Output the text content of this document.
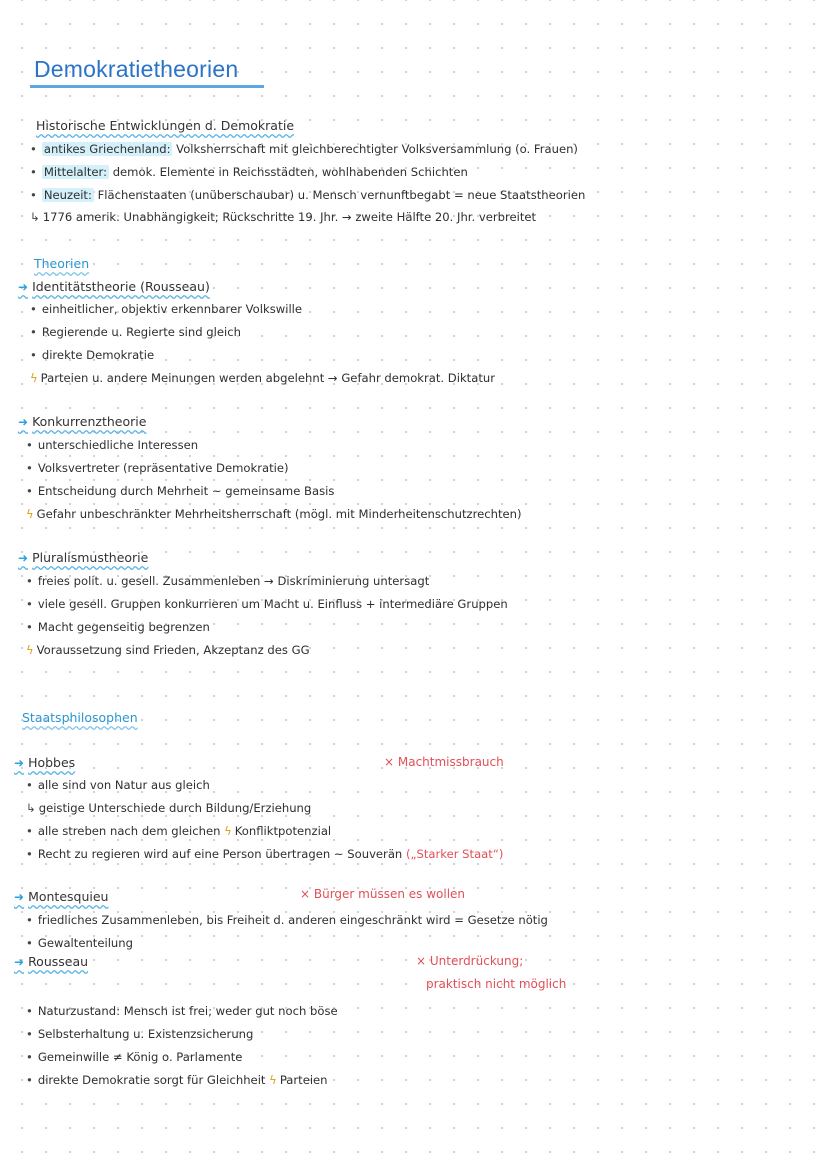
Demokratietheorien
Historische Entwicklungen d. Demokratie
• antikes Griechenland: Volksherrschaft mit gleichberechtigter Volksversammlung (o. Frauen)
• Mittelalter: demok. Elemente in Reichsstädten, wohlhabenden Schichten
• Neuzeit: Flächenstaaten (unüberschaubar) u. Mensch vernunftbegabt = neue Staatstheorien
↳ 1776 amerik. Unabhängigkeit; Rückschritte 19. Jhr. → zweite Hälfte 20. Jhr. verbreitet
Theorien
➜ Identitätstheorie (Rousseau)
• einheitlicher, objektiv erkennbarer Volkswille
• Regierende u. Regierte sind gleich
• direkte Demokratie
ϟ Parteien u. andere Meinungen werden abgelehnt → Gefahr demokrat. Diktatur
➜ Konkurrenztheorie
• unterschiedliche Interessen
• Volksvertreter (repräsentative Demokratie)
• Entscheidung durch Mehrheit ~ gemeinsame Basis
ϟ Gefahr unbeschränkter Mehrheitsherrschaft (mögl. mit Minderheitenschutzrechten)
➜ Pluralismustheorie
• freies polit. u. gesell. Zusammenleben → Diskriminierung untersagt
• viele gesell. Gruppen konkurrieren um Macht u. Einfluss + intermediäre Gruppen
• Macht gegenseitig begrenzen
ϟ Voraussetzung sind Frieden, Akzeptanz des GG
Staatsphilosophen
➜ Hobbes	× Machtmissbrauch
• alle sind von Natur aus gleich
↳ geistige Unterschiede durch Bildung/Erziehung
• alle streben nach dem gleichen ϟ Konfliktpotenzial
• Recht zu regieren wird auf eine Person übertragen ~ Souverän („Starker Staat“)
➜ Montesquieu	× Bürger müssen es wollen
• friedliches Zusammenleben, bis Freiheit d. anderen eingeschränkt wird = Gesetze nötig
• Gewaltenteilung
➜ Rousseau	× Unterdrückung;
praktisch nicht möglich
• Naturzustand: Mensch ist frei; weder gut noch böse
• Selbsterhaltung u. Existenzsicherung
• Gemeinwille ≠ König o. Parlamente
• direkte Demokratie sorgt für Gleichheit ϟ Parteien
